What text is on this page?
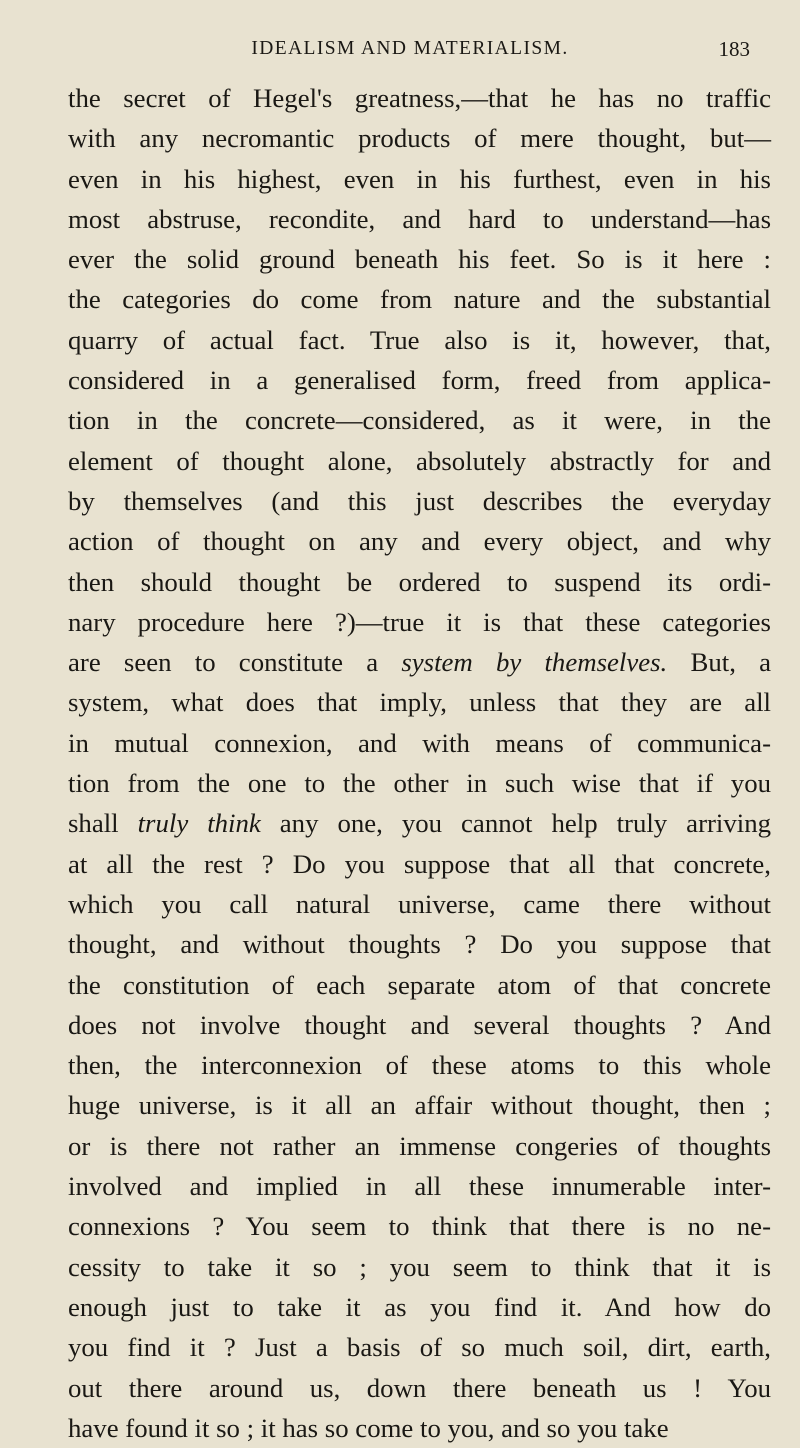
IDEALISM AND MATERIALISM.	183
the secret of Hegel's greatness,—that he has no traffic
with any necromantic products of mere thought, but—
even in his highest, even in his furthest, even in his
most abstruse, recondite, and hard to understand—has
ever the solid ground beneath his feet. So is it here :
the categories do come from nature and the substantial
quarry of actual fact. True also is it, however, that,
considered in a generalised form, freed from applica-
tion in the concrete—considered, as it were, in the
element of thought alone, absolutely abstractly for and
by themselves (and this just describes the everyday
action of thought on any and every object, and why
then should thought be ordered to suspend its ordi-
nary procedure here ?)—true it is that these categories
are seen to constitute a system by themselves. But, a
system, what does that imply, unless that they are all
in mutual connexion, and with means of communica-
tion from the one to the other in such wise that if you
shall truly think any one, you cannot help truly arriving
at all the rest ? Do you suppose that all that concrete,
which you call natural universe, came there without
thought, and without thoughts ? Do you suppose that
the constitution of each separate atom of that concrete
does not involve thought and several thoughts ? And
then, the interconnexion of these atoms to this whole
huge universe, is it all an affair without thought, then ;
or is there not rather an immense congeries of thoughts
involved and implied in all these innumerable inter-
connexions ? You seem to think that there is no ne-
cessity to take it so ; you seem to think that it is
enough just to take it as you find it. And how do
you find it ? Just a basis of so much soil, dirt, earth,
out there around us, down there beneath us ! You
have found it so ; it has so come to you, and so you take
